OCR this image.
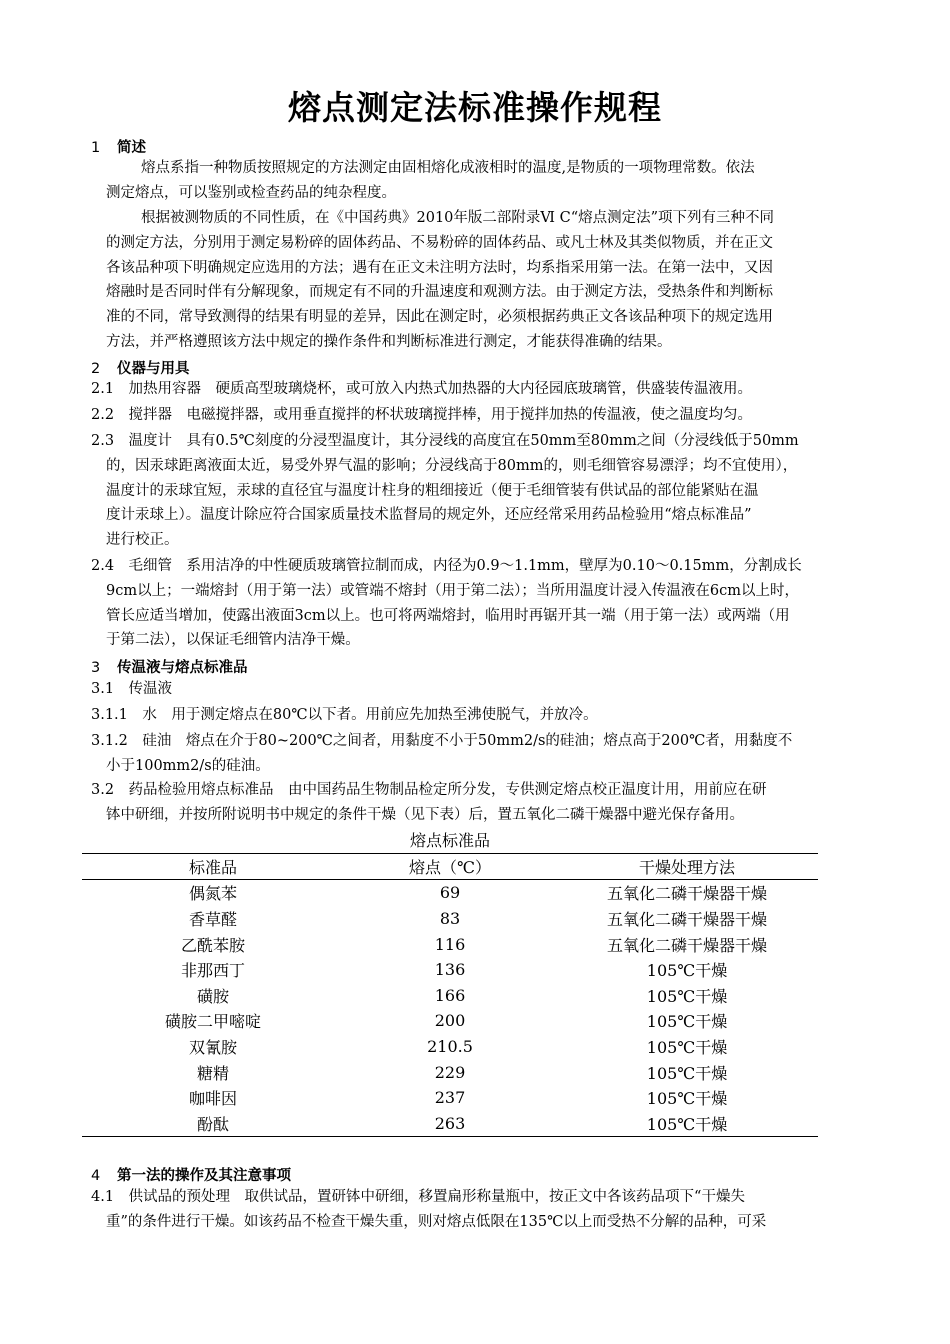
熔点测定法标准操作规程
1 简述
熔点系指一种物质按照规定的方法测定由固相熔化成液相时的温度,是物质的一项物理常数。依法
测定熔点，可以鉴别或检查药品的纯杂程度。
根据被测物质的不同性质，在《中国药典》2010年版二部附录Ⅵ C“熔点测定法”项下列有三种不同
的测定方法，分别用于测定易粉碎的固体药品、不易粉碎的固体药品、或凡士林及其类似物质，并在正文
各该品种项下明确规定应选用的方法；遇有在正文未注明方法时，均系指采用第一法。在第一法中，又因
熔融时是否同时伴有分解现象，而规定有不同的升温速度和观测方法。由于测定方法，受热条件和判断标
准的不同，常导致测得的结果有明显的差异，因此在测定时，必须根据药典正文各该品种项下的规定选用
方法，并严格遵照该方法中规定的操作条件和判断标准进行测定，才能获得准确的结果。
2 仪器与用具
2.1　加热用容器　硬质高型玻璃烧杯，或可放入内热式加热器的大内径园底玻璃管，供盛装传温液用。
2.2　搅拌器　电磁搅拌器，或用垂直搅拌的杯状玻璃搅拌棒，用于搅拌加热的传温液，使之温度均匀。
2.3　温度计　具有0.5℃刻度的分浸型温度计，其分浸线的高度宜在50mm至80mm之间（分浸线低于50mm
的，因汞球距离液面太近，易受外界气温的影响；分浸线高于80mm的，则毛细管容易漂浮；均不宜使用），
温度计的汞球宜短，汞球的直径宜与温度计柱身的粗细接近（便于毛细管装有供试品的部位能紧贴在温
度计汞球上）。温度计除应符合国家质量技术监督局的规定外，还应经常采用药品检验用“熔点标准品”
进行校正。
2.4　毛细管　系用洁净的中性硬质玻璃管拉制而成，内径为0.9～1.1mm，壁厚为0.10～0.15mm，分割成长
9cm以上；一端熔封（用于第一法）或管端不熔封（用于第二法）；当所用温度计浸入传温液在6cm以上时，
管长应适当增加，使露出液面3cm以上。也可将两端熔封，临用时再锯开其一端（用于第一法）或两端（用
于第二法），以保证毛细管内洁净干燥。
3 传温液与熔点标准品
3.1　传温液
3.1.1　水　用于测定熔点在80℃以下者。用前应先加热至沸使脱气，并放冷。
3.1.2　硅油　熔点在介于80~200℃之间者，用黏度不小于50mm2/s的硅油；熔点高于200℃者，用黏度不
小于100mm2/s的硅油。
3.2　药品检验用熔点标准品　由中国药品生物制品检定所分发，专供测定熔点校正温度计用，用前应在研
钵中研细，并按所附说明书中规定的条件干燥（见下表）后，置五氧化二磷干燥器中避光保存备用。
熔点标准品		
标准品	熔点（℃）	干燥处理方法
偶氮苯	69	五氧化二磷干燥器干燥
香草醛	83	五氧化二磷干燥器干燥
乙酰苯胺	116	五氧化二磷干燥器干燥
非那西丁	136	105℃干燥
磺胺	166	105℃干燥
磺胺二甲嘧啶	200	105℃干燥
双氰胺	210.5	105℃干燥
糖精	229	105℃干燥
咖啡因	237	105℃干燥
酚酞	263	105℃干燥
4 第一法的操作及其注意事项
4.1　供试品的预处理　取供试品，置研钵中研细，移置扁形称量瓶中，按正文中各该药品项下“干燥失
重”的条件进行干燥。如该药品不检查干燥失重，则对熔点低限在135℃以上而受热不分解的品种，可采
